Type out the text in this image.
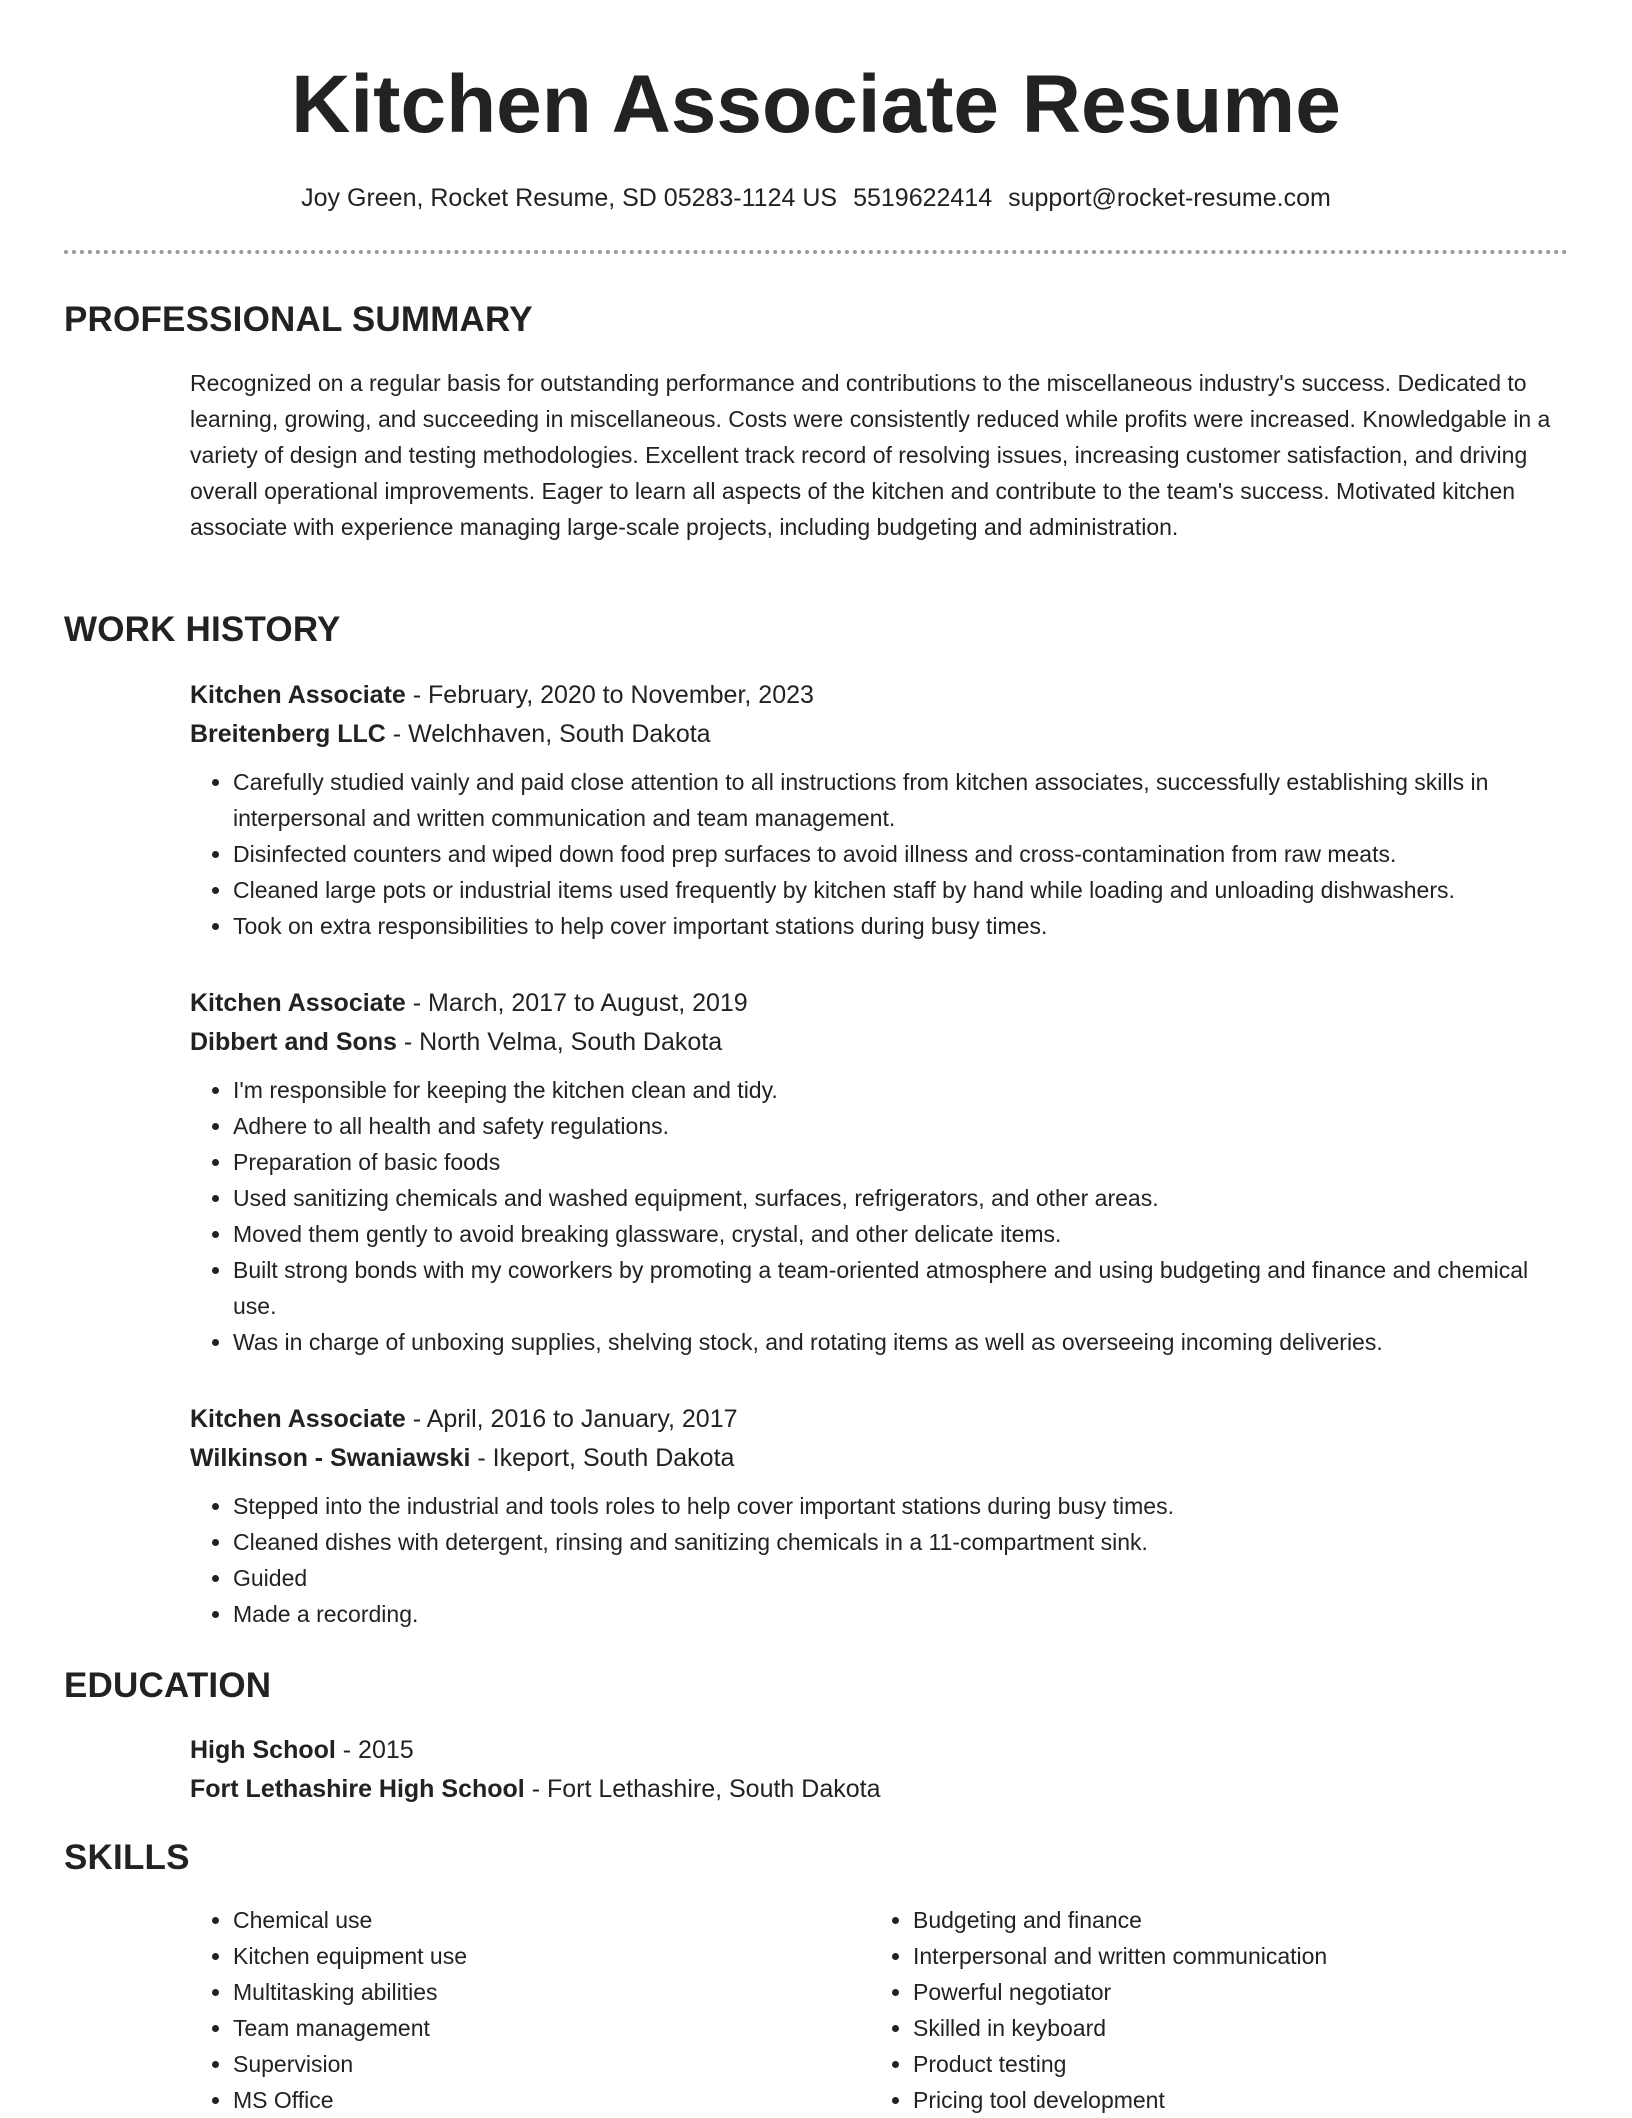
Kitchen Associate Resume
Joy Green, Rocket Resume, SD 05283-1124 US 5519622414 support@rocket-resume.com
PROFESSIONAL SUMMARY
Recognized on a regular basis for outstanding performance and contributions to the miscellaneous industry's success. Dedicated to learning, growing, and succeeding in miscellaneous. Costs were consistently reduced while profits were increased. Knowledgable in a variety of design and testing methodologies. Excellent track record of resolving issues, increasing customer satisfaction, and driving overall operational improvements. Eager to learn all aspects of the kitchen and contribute to the team's success. Motivated kitchen associate with experience managing large-scale projects, including budgeting and administration.
WORK HISTORY
Kitchen Associate - February, 2020 to November, 2023
Breitenberg LLC - Welchhaven, South Dakota
• Carefully studied vainly and paid close attention to all instructions from kitchen associates, successfully establishing skills in interpersonal and written communication and team management.
• Disinfected counters and wiped down food prep surfaces to avoid illness and cross-contamination from raw meats.
• Cleaned large pots or industrial items used frequently by kitchen staff by hand while loading and unloading dishwashers.
• Took on extra responsibilities to help cover important stations during busy times.
Kitchen Associate - March, 2017 to August, 2019
Dibbert and Sons - North Velma, South Dakota
• I'm responsible for keeping the kitchen clean and tidy.
• Adhere to all health and safety regulations.
• Preparation of basic foods
• Used sanitizing chemicals and washed equipment, surfaces, refrigerators, and other areas.
• Moved them gently to avoid breaking glassware, crystal, and other delicate items.
• Built strong bonds with my coworkers by promoting a team-oriented atmosphere and using budgeting and finance and chemical use.
• Was in charge of unboxing supplies, shelving stock, and rotating items as well as overseeing incoming deliveries.
Kitchen Associate - April, 2016 to January, 2017
Wilkinson - Swaniawski - Ikeport, South Dakota
• Stepped into the industrial and tools roles to help cover important stations during busy times.
• Cleaned dishes with detergent, rinsing and sanitizing chemicals in a 11-compartment sink.
• Guided
• Made a recording.
EDUCATION
High School - 2015
Fort Lethashire High School - Fort Lethashire, South Dakota
SKILLS
• Chemical use
• Kitchen equipment use
• Multitasking abilities
• Team management
• Supervision
• MS Office
• Budgeting and finance
• Interpersonal and written communication
• Powerful negotiator
• Skilled in keyboard
• Product testing
• Pricing tool development
